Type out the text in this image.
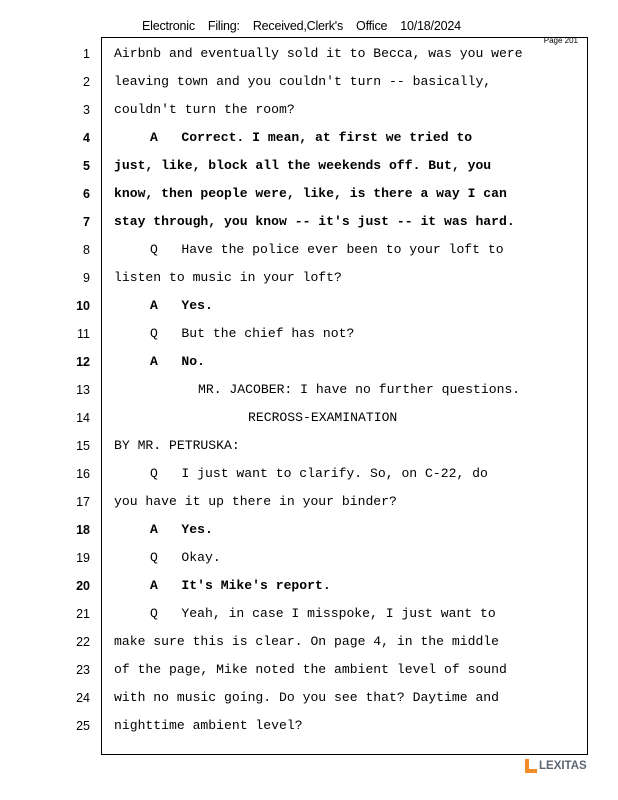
Electronic Filing: Received,Clerk's Office 10/18/2024
Page 201
1 Airbnb and eventually sold it to Becca, was you were
2 leaving town and you couldn't turn -- basically,
3 couldn't turn the room?
4	A   Correct. I mean, at first we tried to
5 just, like, block all the weekends off. But, you
6 know, then people were, like, is there a way I can
7 stay through, you know -- it's just -- it was hard.
8	Q   Have the police ever been to your loft to
9 listen to music in your loft?
10	A   Yes.
11	Q   But the chief has not?
12	A   No.
13	MR. JACOBER: I have no further questions.
14	RECROSS-EXAMINATION
15 BY MR. PETRUSKA:
16	Q   I just want to clarify. So, on C-22, do
17 you have it up there in your binder?
18	A   Yes.
19	Q   Okay.
20	A   It's Mike's report.
21	Q   Yeah, in case I misspoke, I just want to
22 make sure this is clear. On page 4, in the middle
23 of the page, Mike noted the ambient level of sound
24 with no music going. Do you see that? Daytime and
25 nighttime ambient level?
LEXITAS
